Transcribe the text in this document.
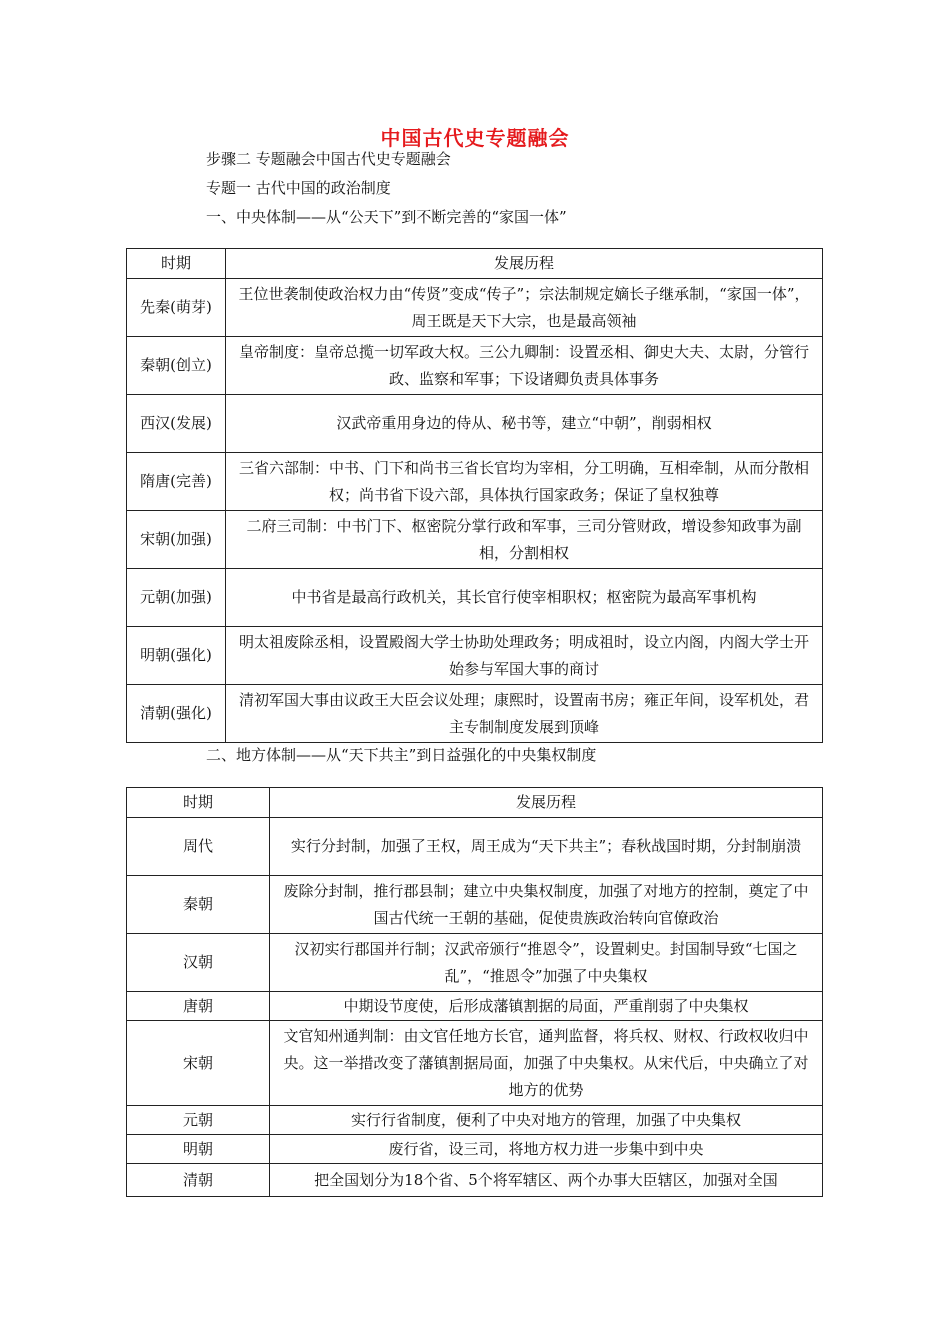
中国古代史专题融会
步骤二 专题融会中国古代史专题融会
专题一 古代中国的政治制度
一、中央体制——从“公天下”到不断完善的“家国一体”
时期	发展历程
先秦(萌芽)	王位世袭制使政治权力由“传贤”变成“传子”；宗法制规定嫡长子继承制，“家国一体”，周王既是天下大宗，也是最高领袖
秦朝(创立)	皇帝制度：皇帝总揽一切军政大权。三公九卿制：设置丞相、御史大夫、太尉，分管行政、监察和军事；下设诸卿负责具体事务
西汉(发展)	汉武帝重用身边的侍从、秘书等，建立“中朝”，削弱相权
隋唐(完善)	三省六部制：中书、门下和尚书三省长官均为宰相，分工明确，互相牵制，从而分散相权；尚书省下设六部，具体执行国家政务；保证了皇权独尊
宋朝(加强)	二府三司制：中书门下、枢密院分掌行政和军事，三司分管财政，增设参知政事为副相，分割相权
元朝(加强)	中书省是最高行政机关，其长官行使宰相职权；枢密院为最高军事机构
明朝(强化)	明太祖废除丞相，设置殿阁大学士协助处理政务；明成祖时，设立内阁，内阁大学士开始参与军国大事的商讨
清朝(强化)	清初军国大事由议政王大臣会议处理；康熙时，设置南书房；雍正年间，设军机处，君主专制制度发展到顶峰
二、地方体制——从“天下共主”到日益强化的中央集权制度
时期	发展历程
周代	实行分封制，加强了王权，周王成为“天下共主”；春秋战国时期，分封制崩溃
秦朝	废除分封制，推行郡县制；建立中央集权制度，加强了对地方的控制，奠定了中国古代统一王朝的基础，促使贵族政治转向官僚政治
汉朝	汉初实行郡国并行制；汉武帝颁行“推恩令”，设置刺史。封国制导致“七国之乱”，“推恩令”加强了中央集权
唐朝	中期设节度使，后形成藩镇割据的局面，严重削弱了中央集权
宋朝	文官知州通判制：由文官任地方长官，通判监督，将兵权、财权、行政权收归中央。这一举措改变了藩镇割据局面，加强了中央集权。从宋代后，中央确立了对地方的优势
元朝	实行行省制度，便利了中央对地方的管理，加强了中央集权
明朝	废行省，设三司，将地方权力进一步集中到中央
清朝	把全国划分为18个省、5个将军辖区、两个办事大臣辖区，加强对全国
